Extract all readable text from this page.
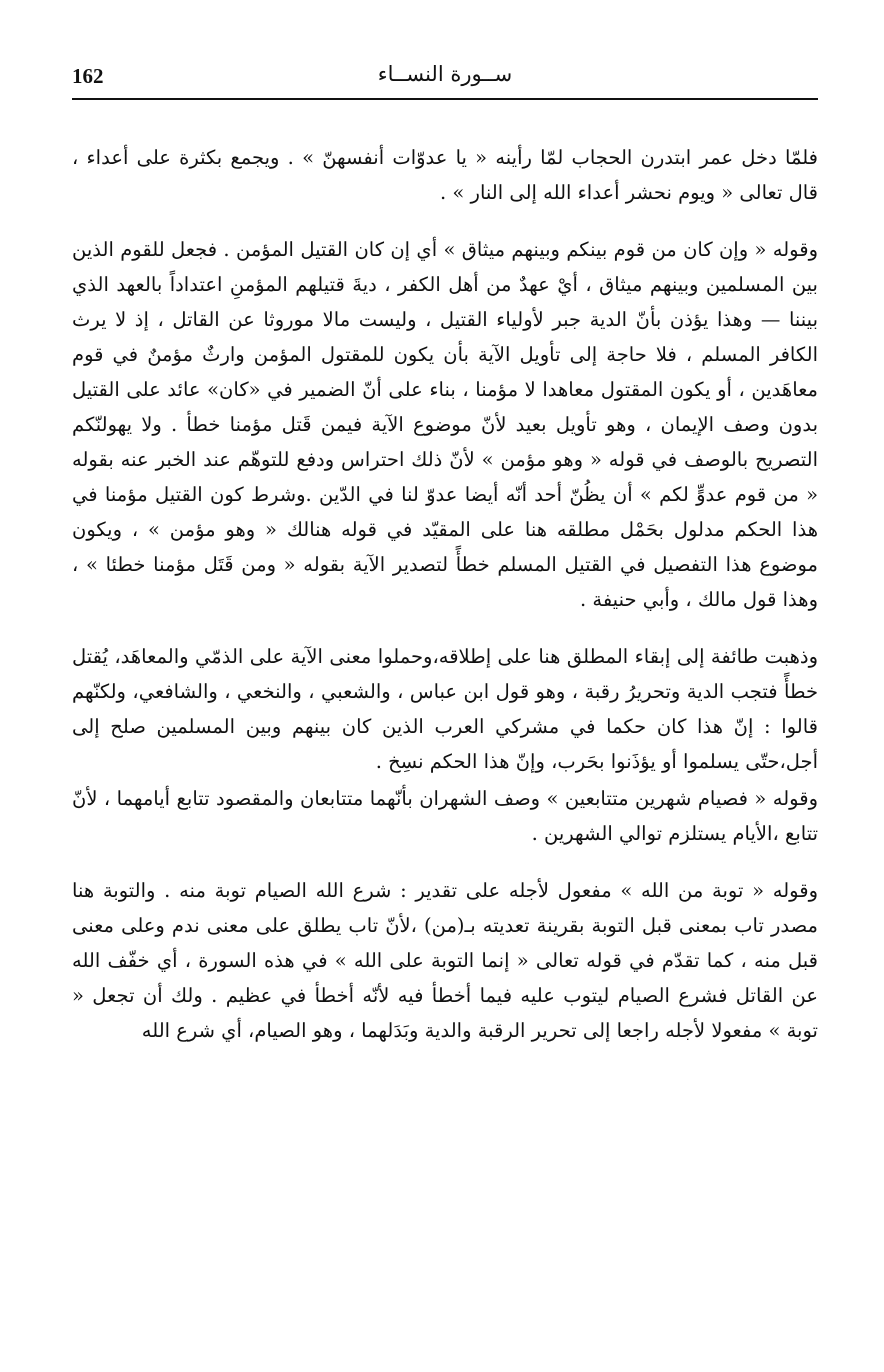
162	ســورة النســاء

فلمّا دخل عمر ابتدرن الحجاب لمّا رأينه « يا عدوّات أنفسهنّ » . ويجمع بكثرة على أعداء ، قال تعالى « ويوم نحشر أعداء الله إلى النار » .

وقوله « وإن كان من قوم بينكم وبينهم ميثاق » أي إن كان القتيل المؤمن . فجعل للقوم الذين بين المسلمين وبينهم ميثاق ، أيْ عهدٌ من أهل الكفر ، ديةَ قتيلهم المؤمنِ اعتداداً بالعهد الذي بيننا — وهذا يؤذن بأنّ الدية جبر لأولياء القتيل ، وليست مالا موروثا عن القاتل ، إذ لا يرث الكافر المسلم ، فلا حاجة إلى تأويل الآية بأن يكون للمقتول المؤمن وارثٌ مؤمنٌ في قوم معاهَدين ، أو يكون المقتول معاهدا لا مؤمنا ، بناء على أنّ الضمير في «كان» عائد على القتيل بدون وصف الإيمان ، وهو تأويل بعيد لأنّ موضوع الآية فيمن قَتل مؤمنا خطأ . ولا يهولنّكم التصريح بالوصف في قوله « وهو مؤمن » لأنّ ذلك احتراس ودفع للتوهّم عند الخبر عنه بقوله « من قوم عدوٍّ لكم » أن يظُنّ أحد أنّه أيضا عدوّ لنا في الدّين .وشرط كون القتيل مؤمنا في هذا الحكم مدلول بحَمْل مطلقه هنا على المقيّد في قوله هنالك « وهو مؤمن » ، ويكون موضوع هذا التفصيل في القتيل المسلم خطأً لتصدير الآية بقوله « ومن قَتَل مؤمنا خطئا » ، وهذا قول مالك ، وأبي حنيفة .

وذهبت طائفة إلى إبقاء المطلق هنا على إطلاقه،وحملوا معنى الآية على الذمّي والمعاهَد، يُقتل خطأً فتجب الدية وتحريرُ رقبة ، وهو قول ابن عباس ، والشعبي ، والنخعي ، والشافعي، ولكنّهم قالوا : إنّ هذا كان حكما في مشركي العرب الذين كان بينهم وبين المسلمين صلح إلى أجل،حتّى يسلموا أو يؤذَنوا بحَرب، وإنّ هذا الحكم نسِخ .

وقوله « فصيام شهرين متتابعين » وصف الشهران بأنّهما متتابعان والمقصود تتابع أيامهما ، لأنّ تتابع ،الأيام يستلزم توالي الشهرين .

وقوله « توبة من الله » مفعول لأجله على تقدير : شرع الله الصيام توبة منه . والتوبة هنا مصدر تاب بمعنى قبل التوبة بقرينة تعديته بـ(من) ،لأنّ تاب يطلق على معنى ندم وعلى معنى قبل منه ، كما تقدّم في قوله تعالى « إنما التوبة على الله » في هذه السورة ، أي خفّف الله عن القاتل فشرع الصيام ليتوب عليه فيما أخطأ فيه لأنّه أخطأ في عظيم . ولك أن تجعل « توبة » مفعولا لأجله راجعا إلى تحرير الرقبة والدية وبَدَلهما ، وهو الصيام، أي شرع الله
